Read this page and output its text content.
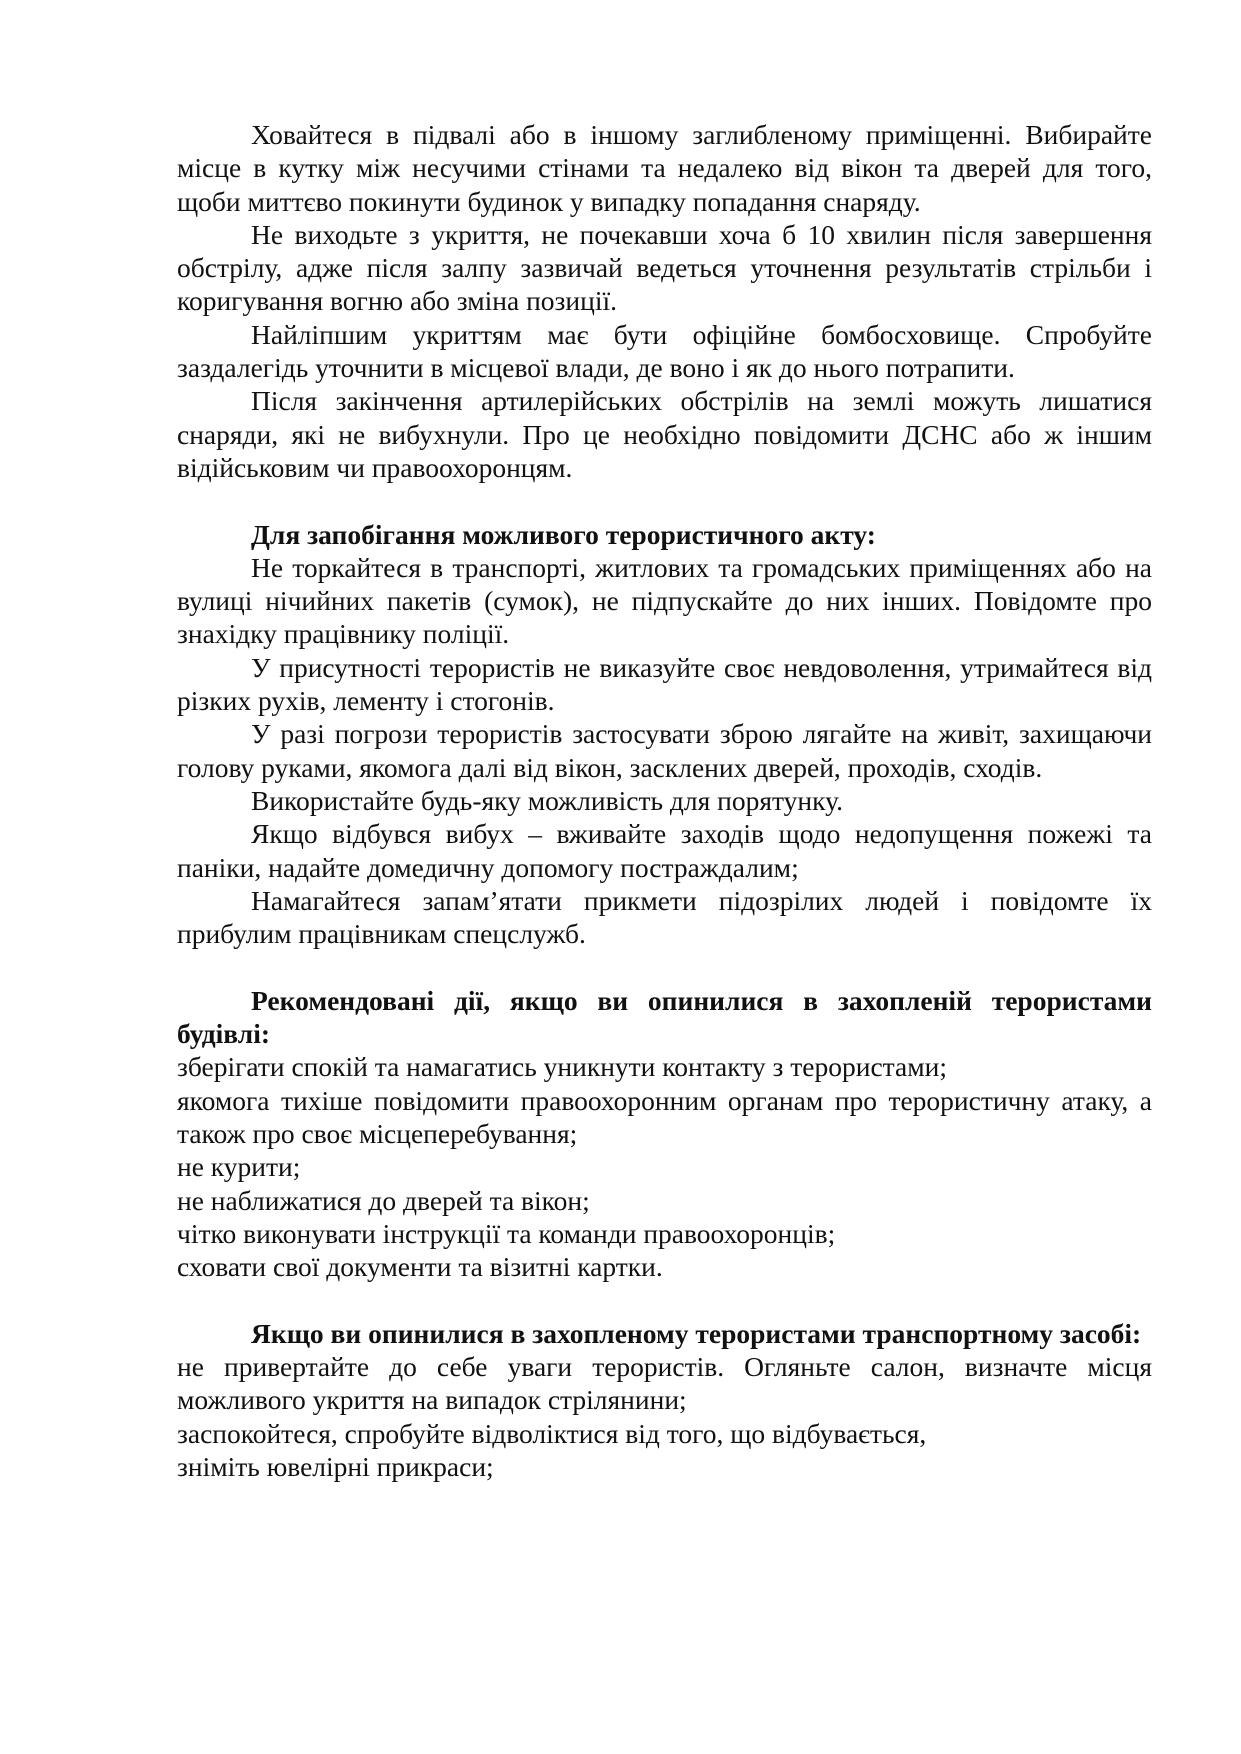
Ховайтеся в підвалі або в іншому заглибленому приміщенні. Вибирайте місце в кутку між несучими стінами та недалеко від вікон та дверей для того, щоби миттєво покинути будинок у випадку попадання снаряду.

Не виходьте з укриття, не почекавши хоча б 10 хвилин після завершення обстрілу, адже після залпу зазвичай ведеться уточнення результатів стрільби і коригування вогню або зміна позиції.

Найліпшим укриттям має бути офіційне бомбосховище. Спробуйте заздалегідь уточнити в місцевої влади, де воно і як до нього потрапити.

Після закінчення артилерійських обстрілів на землі можуть лишатися снаряди, які не вибухнули. Про це необхідно повідомити ДСНС або ж іншим відійськовим чи правоохоронцям.

Для запобігання можливого терористичного акту:

Не торкайтеся в транспорті, житлових та громадських приміщеннях або на вулиці нічийних пакетів (сумок), не підпускайте до них інших. Повідомте про знахідку працівнику поліції.

У присутності терористів не виказуйте своє невдоволення, утримайтеся від різких рухів, лементу і стогонів.

У разі погрози терористів застосувати зброю лягайте на живіт, захищаючи голову руками, якомога далі від вікон, засклених дверей, проходів, сходів.

Використайте будь-яку можливість для порятунку.

Якщо відбувся вибух – вживайте заходів щодо недопущення пожежі та паніки, надайте домедичну допомогу постраждалим;

Намагайтеся запам’ятати прикмети підозрілих людей і повідомте їх прибулим працівникам спецслужб.

Рекомендовані дії, якщо ви опинилися в захопленій терористами будівлі:

зберігати спокій та намагатись уникнути контакту з терористами;

якомога тихіше повідомити правоохоронним органам про терористичну атаку, а також про своє місцеперебування;

не курити;

не наближатися до дверей та вікон;

чітко виконувати інструкції та команди правоохоронців;

сховати свої документи та візитні картки.

Якщо ви опинилися в захопленому терористами транспортному засобі:

не привертайте до себе уваги терористів. Огляньте салон, визначте місця можливого укриття на випадок стрілянини;

заспокойтеся, спробуйте відволіктися від того, що відбувається,

зніміть ювелірні прикраси;
